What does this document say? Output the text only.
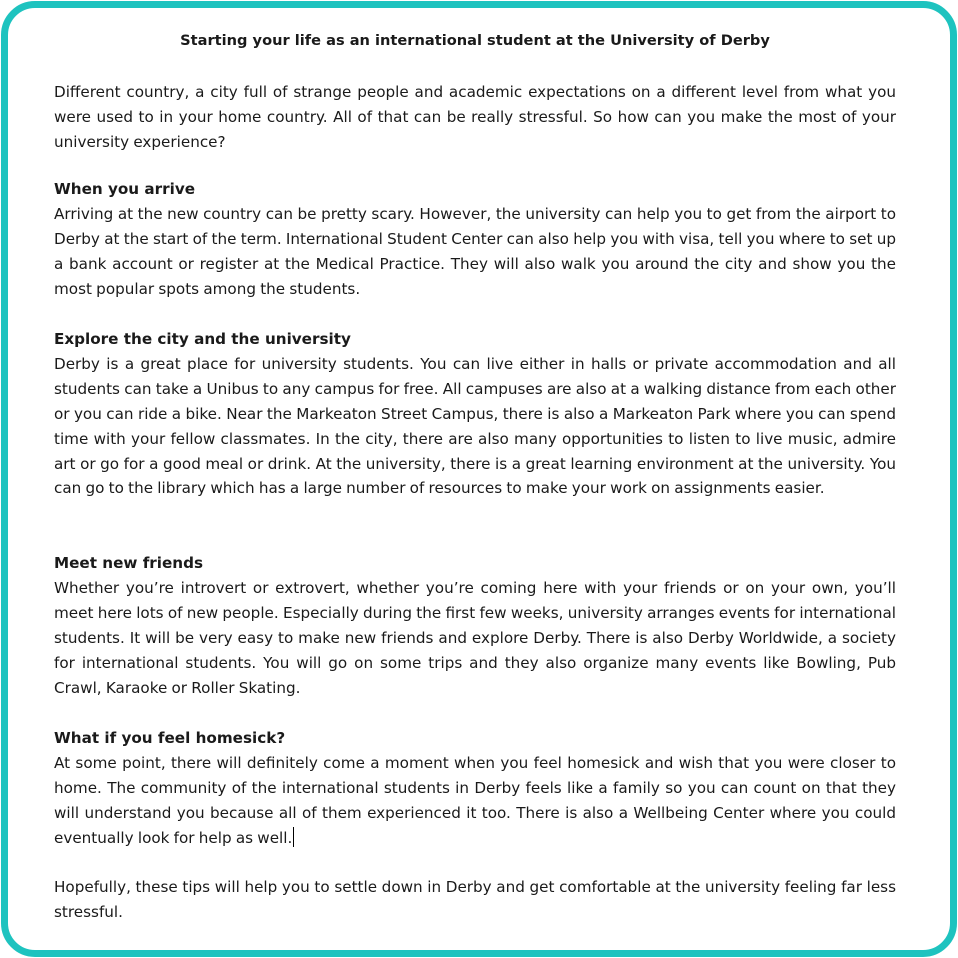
Starting your life as an international student at the University of Derby

Different country, a city full of strange people and academic expectations on a different level from what you were used to in your home country. All of that can be really stressful. So how can you make the most of your university experience?

When you arrive

Arriving at the new country can be pretty scary. However, the university can help you to get from the airport to Derby at the start of the term. International Student Center can also help you with visa, tell you where to set up a bank account or register at the Medical Practice. They will also walk you around the city and show you the most popular spots among the students.

Explore the city and the university

Derby is a great place for university students. You can live either in halls or private accommodation and all students can take a Unibus to any campus for free. All campuses are also at a walking distance from each other or you can ride a bike. Near the Markeaton Street Campus, there is also a Markeaton Park where you can spend time with your fellow classmates. In the city, there are also many opportunities to listen to live music, admire art or go for a good meal or drink. At the university, there is a great learning environment at the university. You can go to the library which has a large number of resources to make your work on assignments easier.

Meet new friends

Whether you’re introvert or extrovert, whether you’re coming here with your friends or on your own, you’ll meet here lots of new people. Especially during the first few weeks, university arranges events for international students. It will be very easy to make new friends and explore Derby. There is also Derby Worldwide, a society for international students. You will go on some trips and they also organize many events like Bowling, Pub Crawl, Karaoke or Roller Skating.

What if you feel homesick?

At some point, there will definitely come a moment when you feel homesick and wish that you were closer to home. The community of the international students in Derby feels like a family so you can count on that they will understand you because all of them experienced it too. There is also a Wellbeing Center where you could eventually look for help as well.

Hopefully, these tips will help you to settle down in Derby and get comfortable at the university feeling far less stressful.
